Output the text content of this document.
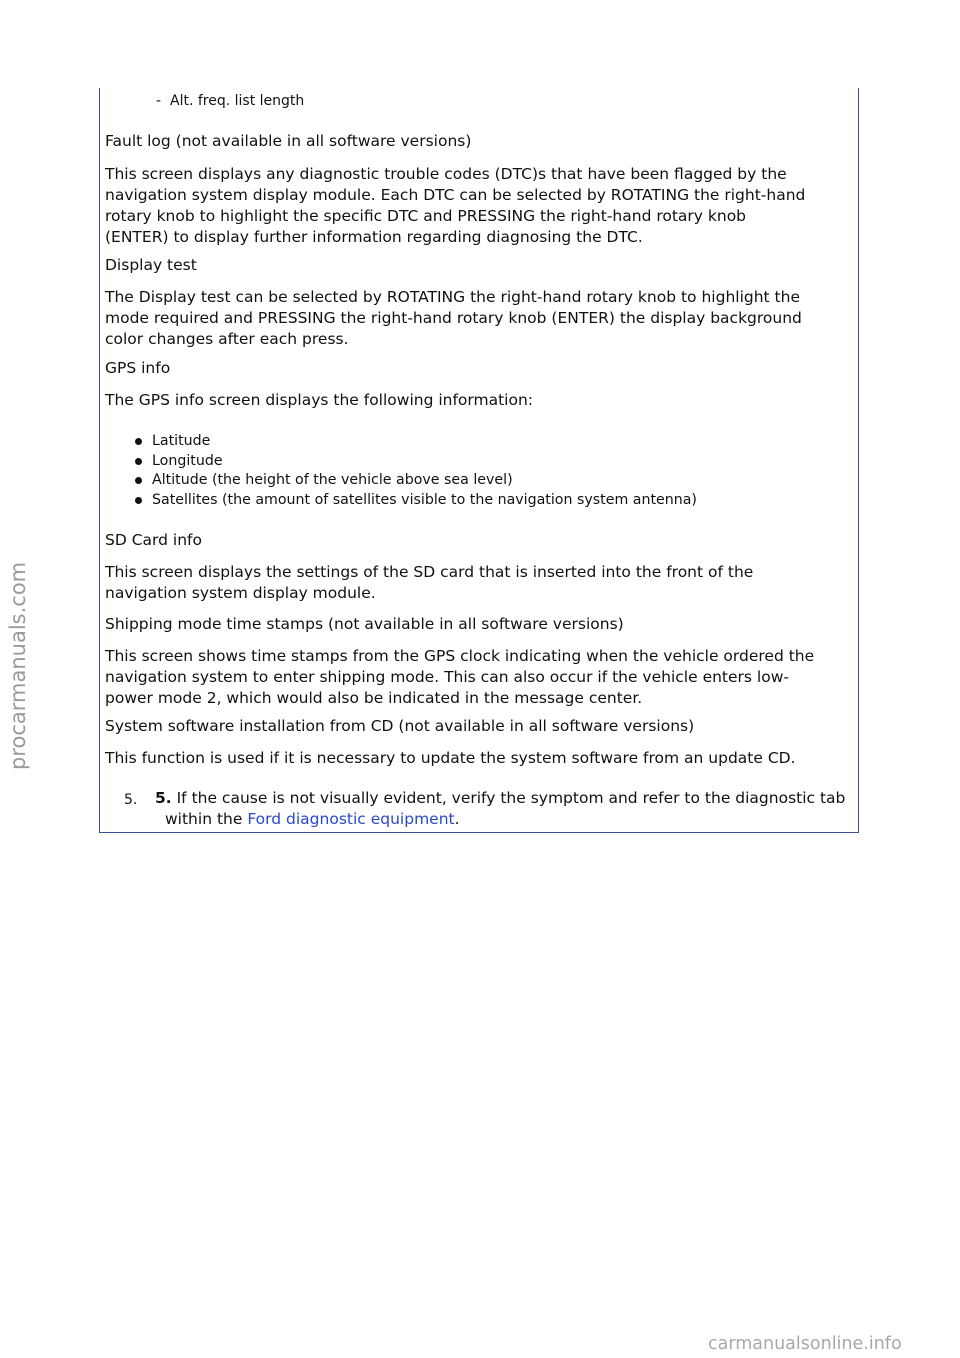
- Alt. freq. list length

Fault log (not available in all software versions)

This screen displays any diagnostic trouble codes (DTC)s that have been flagged by the
navigation system display module. Each DTC can be selected by ROTATING the right-hand
rotary knob to highlight the specific DTC and PRESSING the right-hand rotary knob
(ENTER) to display further information regarding diagnosing the DTC.

Display test

The Display test can be selected by ROTATING the right-hand rotary knob to highlight the
mode required and PRESSING the right-hand rotary knob (ENTER) the display background
color changes after each press.

GPS info

The GPS info screen displays the following information:

Latitude
Longitude
Altitude (the height of the vehicle above sea level)
Satellites (the amount of satellites visible to the navigation system antenna)

SD Card info

This screen displays the settings of the SD card that is inserted into the front of the
navigation system display module.

Shipping mode time stamps (not available in all software versions)

This screen shows time stamps from the GPS clock indicating when the vehicle ordered the
navigation system to enter shipping mode. This can also occur if the vehicle enters low-
power mode 2, which would also be indicated in the message center.

System software installation from CD (not available in all software versions)

This function is used if it is necessary to update the system software from an update CD.

5. 5. If the cause is not visually evident, verify the symptom and refer to the diagnostic tab within the Ford diagnostic equipment.
procarmanuals.com
carmanualsonline.info
